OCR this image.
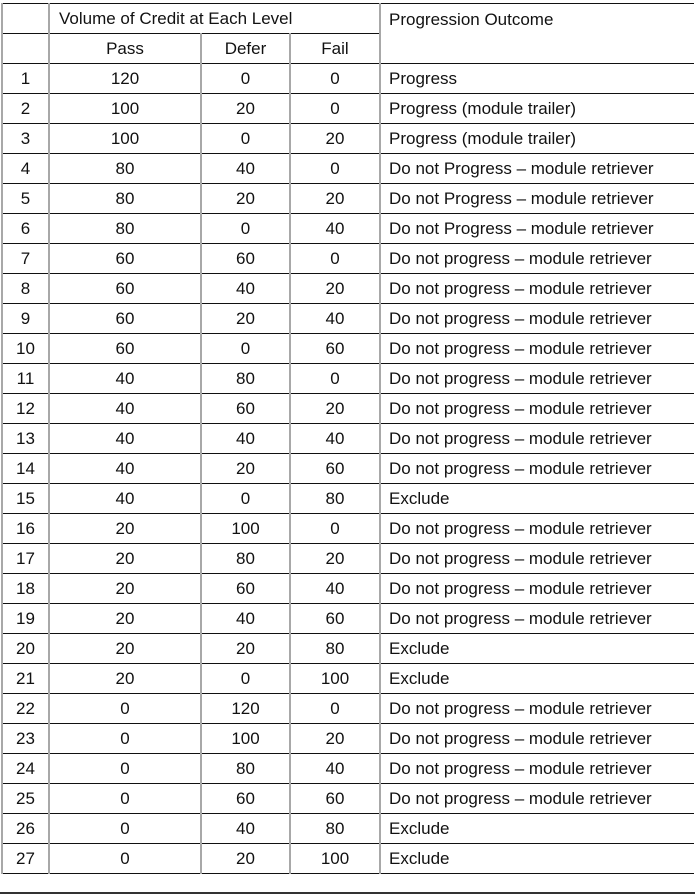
	Volume of Credit at Each Level			Progression Outcome
	Pass	Defer	Fail	
1	120	0	0	Progress
2	100	20	0	Progress (module trailer)
3	100	0	20	Progress (module trailer)
4	80	40	0	Do not Progress – module retriever
5	80	20	20	Do not Progress – module retriever
6	80	0	40	Do not Progress – module retriever
7	60	60	0	Do not progress – module retriever
8	60	40	20	Do not progress – module retriever
9	60	20	40	Do not progress – module retriever
10	60	0	60	Do not progress – module retriever
11	40	80	0	Do not progress – module retriever
12	40	60	20	Do not progress – module retriever
13	40	40	40	Do not progress – module retriever
14	40	20	60	Do not progress – module retriever
15	40	0	80	Exclude
16	20	100	0	Do not progress – module retriever
17	20	80	20	Do not progress – module retriever
18	20	60	40	Do not progress – module retriever
19	20	40	60	Do not progress – module retriever
20	20	20	80	Exclude
21	20	0	100	Exclude
22	0	120	0	Do not progress – module retriever
23	0	100	20	Do not progress – module retriever
24	0	80	40	Do not progress – module retriever
25	0	60	60	Do not progress – module retriever
26	0	40	80	Exclude
27	0	20	100	Exclude
